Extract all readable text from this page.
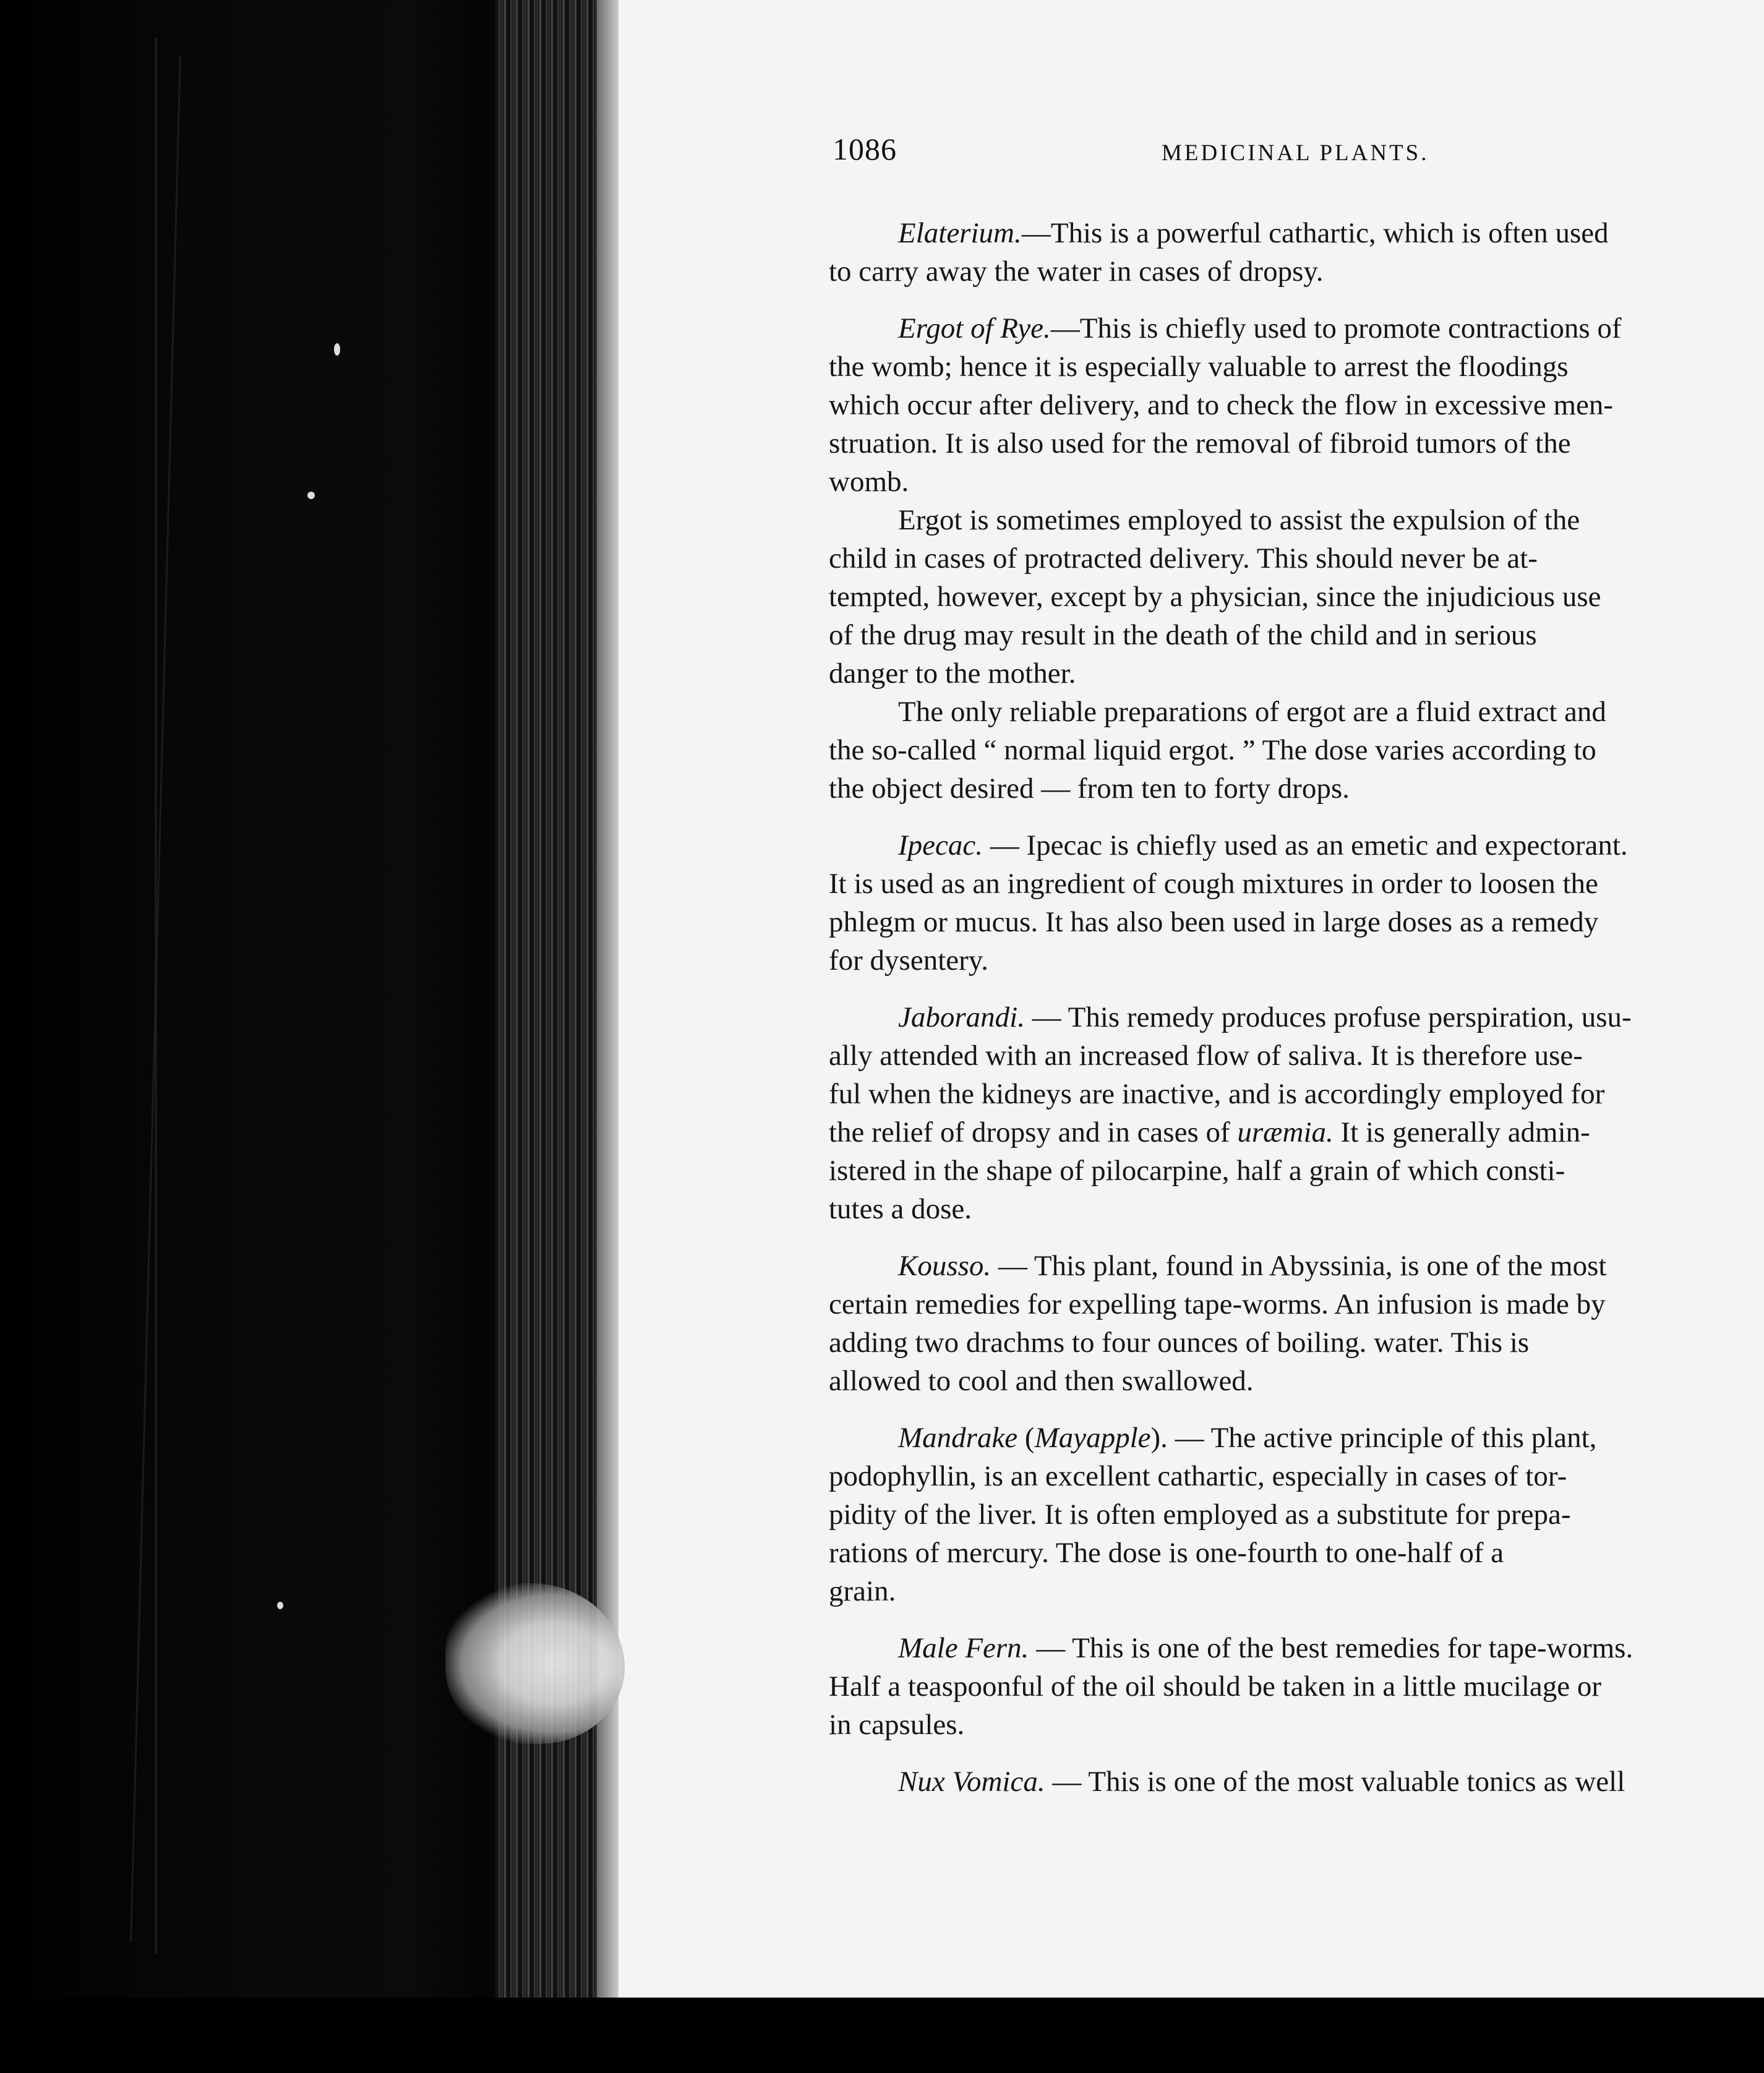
1086	MEDICINAL PLANTS.
Elaterium.—This is a powerful cathartic, which is often used
to carry away the water in cases of dropsy.
Ergot of Rye.—This is chiefly used to promote contractions of
the womb; hence it is especially valuable to arrest the floodings
which occur after delivery, and to check the flow in excessive men-
struation. It is also used for the removal of fibroid tumors of the
womb.
Ergot is sometimes employed to assist the expulsion of the
child in cases of protracted delivery. This should never be at-
tempted, however, except by a physician, since the injudicious use
of the drug may result in the death of the child and in serious
danger to the mother.
The only reliable preparations of ergot are a fluid extract and
the so-called “ normal liquid ergot. ” The dose varies according to
the object desired — from ten to forty drops.
Ipecac. — Ipecac is chiefly used as an emetic and expectorant.
It is used as an ingredient of cough mixtures in order to loosen the
phlegm or mucus. It has also been used in large doses as a remedy
for dysentery.
Jaborandi. — This remedy produces profuse perspiration, usu-
ally attended with an increased flow of saliva. It is therefore use-
ful when the kidneys are inactive, and is accordingly employed for
the relief of dropsy and in cases of uræmia. It is generally admin-
istered in the shape of pilocarpine, half a grain of which consti-
tutes a dose.
Kousso. — This plant, found in Abyssinia, is one of the most
certain remedies for expelling tape-worms. An infusion is made by
adding two drachms to four ounces of boiling. water. This is
allowed to cool and then swallowed.
Mandrake (Mayapple). — The active principle of this plant,
podophyllin, is an excellent cathartic, especially in cases of tor-
pidity of the liver. It is often employed as a substitute for prepa-
rations of mercury. The dose is one-fourth to one-half of a
grain.
Male Fern. — This is one of the best remedies for tape-worms.
Half a teaspoonful of the oil should be taken in a little mucilage or
in capsules.
Nux Vomica. — This is one of the most valuable tonics as well
